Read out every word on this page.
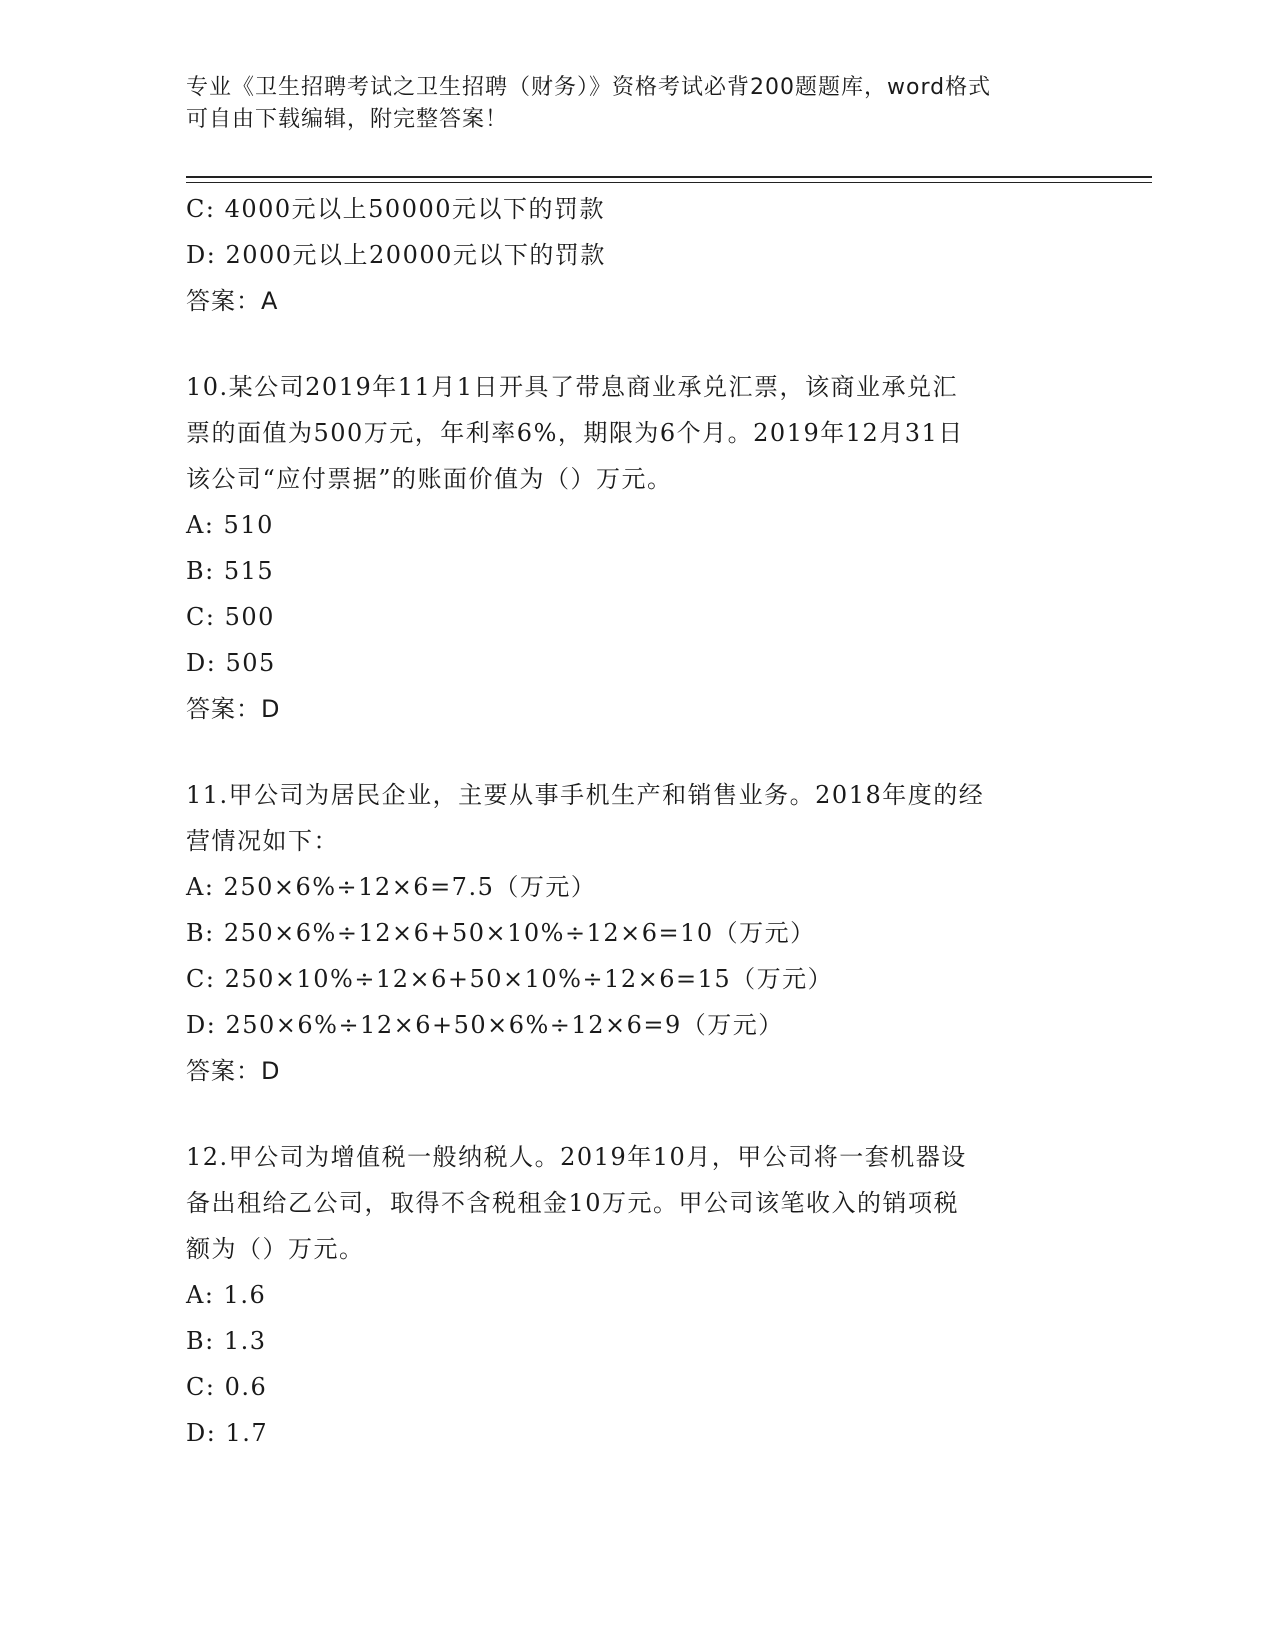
专业《卫生招聘考试之卫生招聘（财务）》资格考试必背200题题库，word格式
可自由下载编辑，附完整答案！
C: 4000元以上50000元以下的罚款
D: 2000元以上20000元以下的罚款
答案：A
10.某公司2019年11月1日开具了带息商业承兑汇票，该商业承兑汇
票的面值为500万元，年利率6%，期限为6个月。2019年12月31日
该公司“应付票据”的账面价值为（）万元。
A: 510
B: 515
C: 500
D: 505
答案：D
11.甲公司为居民企业，主要从事手机生产和销售业务。2018年度的经
营情况如下：
A: 250×6%÷12×6=7.5（万元）
B: 250×6%÷12×6+50×10%÷12×6=10（万元）
C: 250×10%÷12×6+50×10%÷12×6=15（万元）
D: 250×6%÷12×6+50×6%÷12×6=9（万元）
答案：D
12.甲公司为增值税一般纳税人。2019年10月，甲公司将一套机器设
备出租给乙公司，取得不含税租金10万元。甲公司该笔收入的销项税
额为（）万元。
A: 1.6
B: 1.3
C: 0.6
D: 1.7
